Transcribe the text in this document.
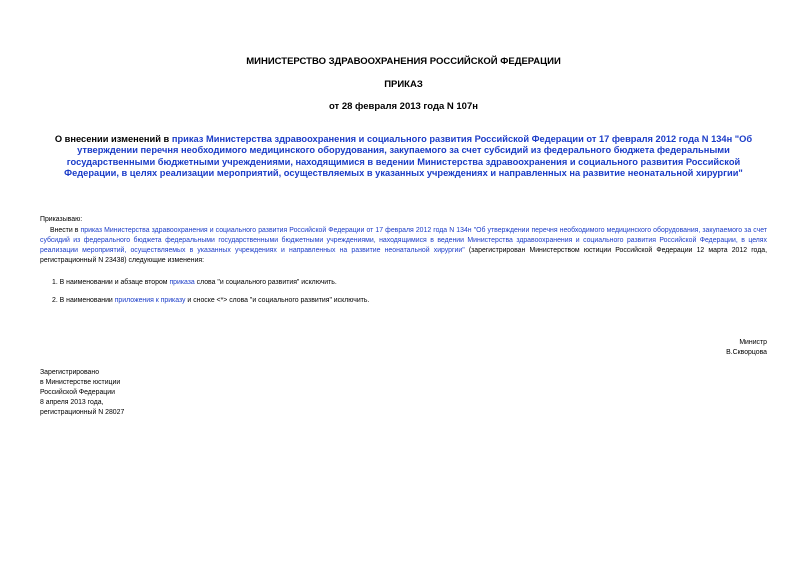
МИНИСТЕРСТВО ЗДРАВООХРАНЕНИЯ РОССИЙСКОЙ ФЕДЕРАЦИИ
ПРИКАЗ
от 28 февраля 2013 года N 107н
О внесении изменений в приказ Министерства здравоохранения и социального развития Российской Федерации от 17 февраля 2012 года N 134н "Об утверждении перечня необходимого медицинского оборудования, закупаемого за счет субсидий из федерального бюджета федеральными государственными бюджетными учреждениями, находящимися в ведении Министерства здравоохранения и социального развития Российской Федерации, в целях реализации мероприятий, осуществляемых в указанных учреждениях и направленных на развитие неонатальной хирургии"
Приказываю:
Внести в приказ Министерства здравоохранения и социального развития Российской Федерации от 17 февраля 2012 года N 134н "Об утверждении перечня необходимого медицинского оборудования, закупаемого за счет субсидий из федерального бюджета федеральными государственными бюджетными учреждениями, находящимися в ведении Министерства здравоохранения и социального развития Российской Федерации, в целях реализации мероприятий, осуществляемых в указанных учреждениях и направленных на развитие неонатальной хирургии" (зарегистрирован Министерством юстиции Российской Федерации 12 марта 2012 года, регистрационный N 23438) следующие изменения:
1. В наименовании и абзаце втором приказа слова "и социального развития" исключить.
2. В наименовании приложения к приказу и сноске <*> слова "и социального развития" исключить.
Министр
В.Скворцова
Зарегистрировано
в Министерстве юстиции
Российской Федерации
8 апреля 2013 года,
регистрационный N 28027
